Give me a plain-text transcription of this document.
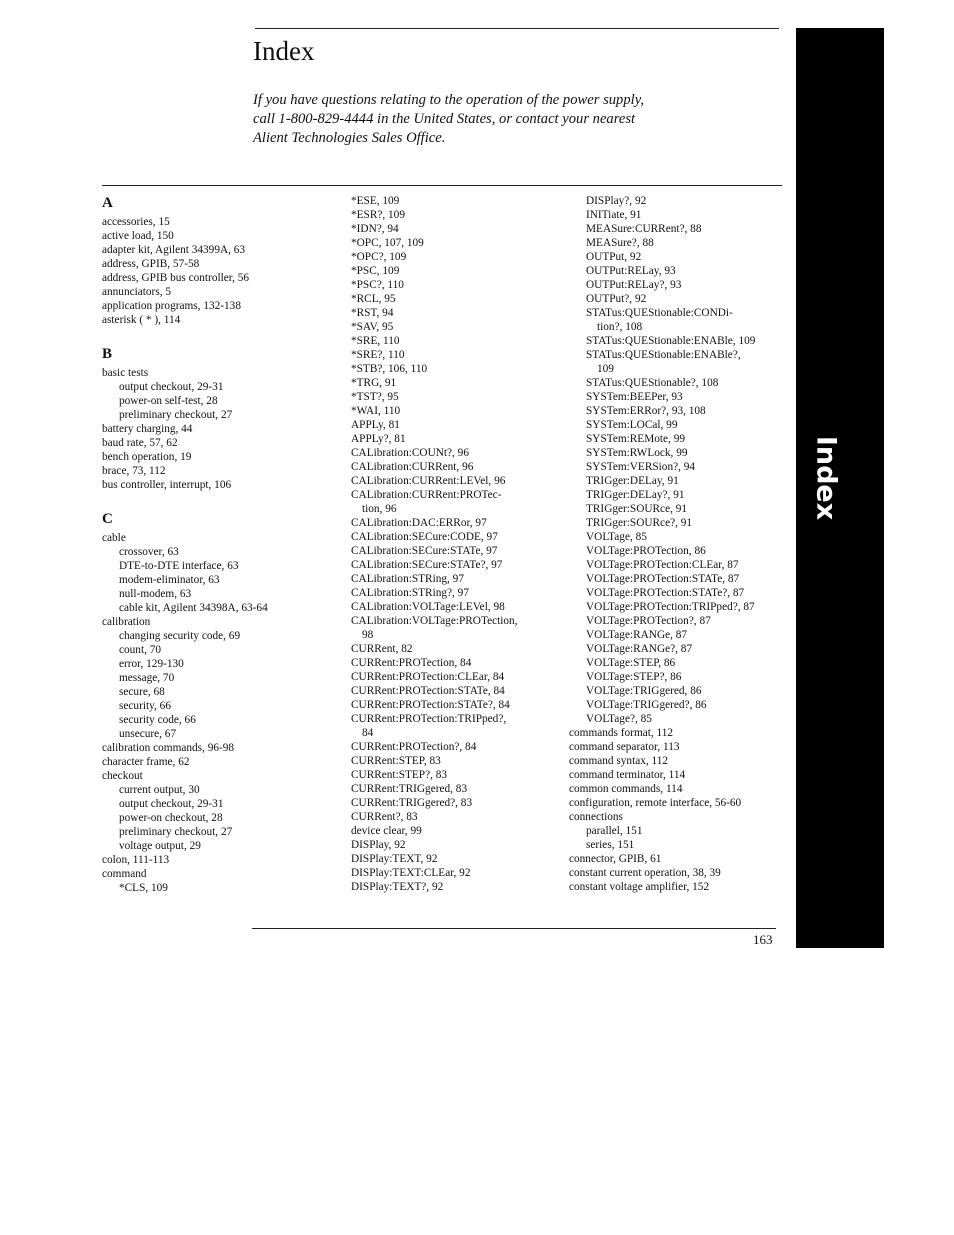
Index

If you have questions relating to the operation of the power supply,
call 1-800-829-4444 in the United States, or contact your nearest
Alient Technologies Sales Office.

A
accessories, 15
active load, 150
adapter kit, Agilent 34399A, 63
address, GPIB, 57-58
address, GPIB bus controller, 56
annunciators, 5
application programs, 132-138
asterisk ( * ), 114
B
basic tests
output checkout, 29-31
power-on self-test, 28
preliminary checkout, 27
battery charging, 44
baud rate, 57, 62
bench operation, 19
brace, 73, 112
bus controller, interrupt, 106
C
cable
crossover, 63
DTE-to-DTE interface, 63
modem-eliminator, 63
null-modem, 63
cable kit, Agilent 34398A, 63-64
calibration
changing security code, 69
count, 70
error, 129-130
message, 70
secure, 68
security, 66
security code, 66
unsecure, 67
calibration commands, 96-98
character frame, 62
checkout
current output, 30
output checkout, 29-31
power-on checkout, 28
preliminary checkout, 27
voltage output, 29
colon, 111-113
command
*CLS, 109
*ESE, 109
*ESR?, 109
*IDN?, 94
*OPC, 107, 109
*OPC?, 109
*PSC, 109
*PSC?, 110
*RCL, 95
*RST, 94
*SAV, 95
*SRE, 110
*SRE?, 110
*STB?, 106, 110
*TRG, 91
*TST?, 95
*WAI, 110
APPLy, 81
APPLy?, 81
CALibration:COUNt?, 96
CALibration:CURRent, 96
CALibration:CURRent:LEVel, 96
CALibration:CURRent:PROTec-
tion, 96
CALibration:DAC:ERRor, 97
CALibration:SECure:CODE, 97
CALibration:SECure:STATe, 97
CALibration:SECure:STATe?, 97
CALibration:STRing, 97
CALibration:STRing?, 97
CALibration:VOLTage:LEVel, 98
CALibration:VOLTage:PROTection,
98
CURRent, 82
CURRent:PROTection, 84
CURRent:PROTection:CLEar, 84
CURRent:PROTection:STATe, 84
CURRent:PROTection:STATe?, 84
CURRent:PROTection:TRIPped?,
84
CURRent:PROTection?, 84
CURRent:STEP, 83
CURRent:STEP?, 83
CURRent:TRIGgered, 83
CURRent:TRIGgered?, 83
CURRent?, 83
device clear, 99
DISPlay, 92
DISPlay:TEXT, 92
DISPlay:TEXT:CLEar, 92
DISPlay:TEXT?, 92
DISPlay?, 92
INITiate, 91
MEASure:CURRent?, 88
MEASure?, 88
OUTPut, 92
OUTPut:RELay, 93
OUTPut:RELay?, 93
OUTPut?, 92
STATus:QUEStionable:CONDi-
tion?, 108
STATus:QUEStionable:ENABle, 109
STATus:QUEStionable:ENABle?,
109
STATus:QUEStionable?, 108
SYSTem:BEEPer, 93
SYSTem:ERRor?, 93, 108
SYSTem:LOCal, 99
SYSTem:REMote, 99
SYSTem:RWLock, 99
SYSTem:VERSion?, 94
TRIGger:DELay, 91
TRIGger:DELay?, 91
TRIGger:SOURce, 91
TRIGger:SOURce?, 91
VOLTage, 85
VOLTage:PROTection, 86
VOLTage:PROTection:CLEar, 87
VOLTage:PROTection:STATe, 87
VOLTage:PROTection:STATe?, 87
VOLTage:PROTection:TRIPped?, 87
VOLTage:PROTection?, 87
VOLTage:RANGe, 87
VOLTage:RANGe?, 87
VOLTage:STEP, 86
VOLTage:STEP?, 86
VOLTage:TRIGgered, 86
VOLTage:TRIGgered?, 86
VOLTage?, 85
commands format, 112
command separator, 113
command syntax, 112
command terminator, 114
common commands, 114
configuration, remote interface, 56-60
connections
parallel, 151
series, 151
connector, GPIB, 61
constant current operation, 38, 39
constant voltage amplifier, 152
163
Index
